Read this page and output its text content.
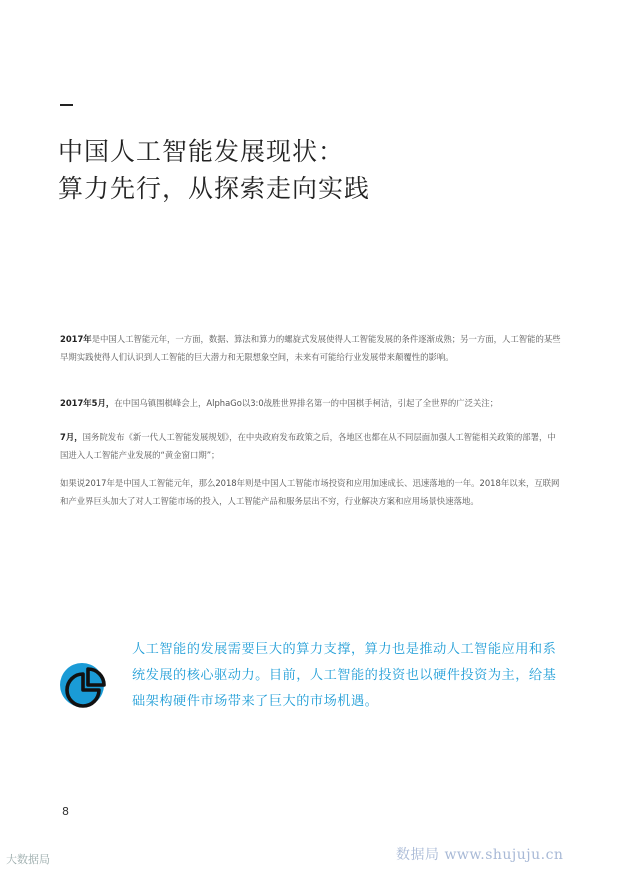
中国人工智能发展现状：
算力先行，从探索走向实践
2017年是中国人工智能元年，一方面，数据、算法和算力的螺旋式发展使得人工智能发展的条件逐渐成熟；另一方面，人工智能的某些早期实践使得人们认识到人工智能的巨大潜力和无限想象空间，未来有可能给行业发展带来颠覆性的影响。
2017年5月，在中国乌镇围棋峰会上，AlphaGo以3:0战胜世界排名第一的中国棋手柯洁，引起了全世界的广泛关注；
7月，国务院发布《新一代人工智能发展规划》，在中央政府发布政策之后，各地区也都在从不同层面加强人工智能相关政策的部署，中国进入人工智能产业发展的“黄金窗口期”；
如果说2017年是中国人工智能元年，那么2018年则是中国人工智能市场投资和应用加速成长、迅速落地的一年。2018年以来，互联网和产业界巨头加大了对人工智能市场的投入，人工智能产品和服务层出不穷，行业解决方案和应用场景快速落地。
人工智能的发展需要巨大的算力支撑，算力也是推动人工智能应用和系统发展的核心驱动力。目前，人工智能的投资也以硬件投资为主，给基础架构硬件市场带来了巨大的市场机遇。
8
大数据局	数据局 www.shujuju.cn
